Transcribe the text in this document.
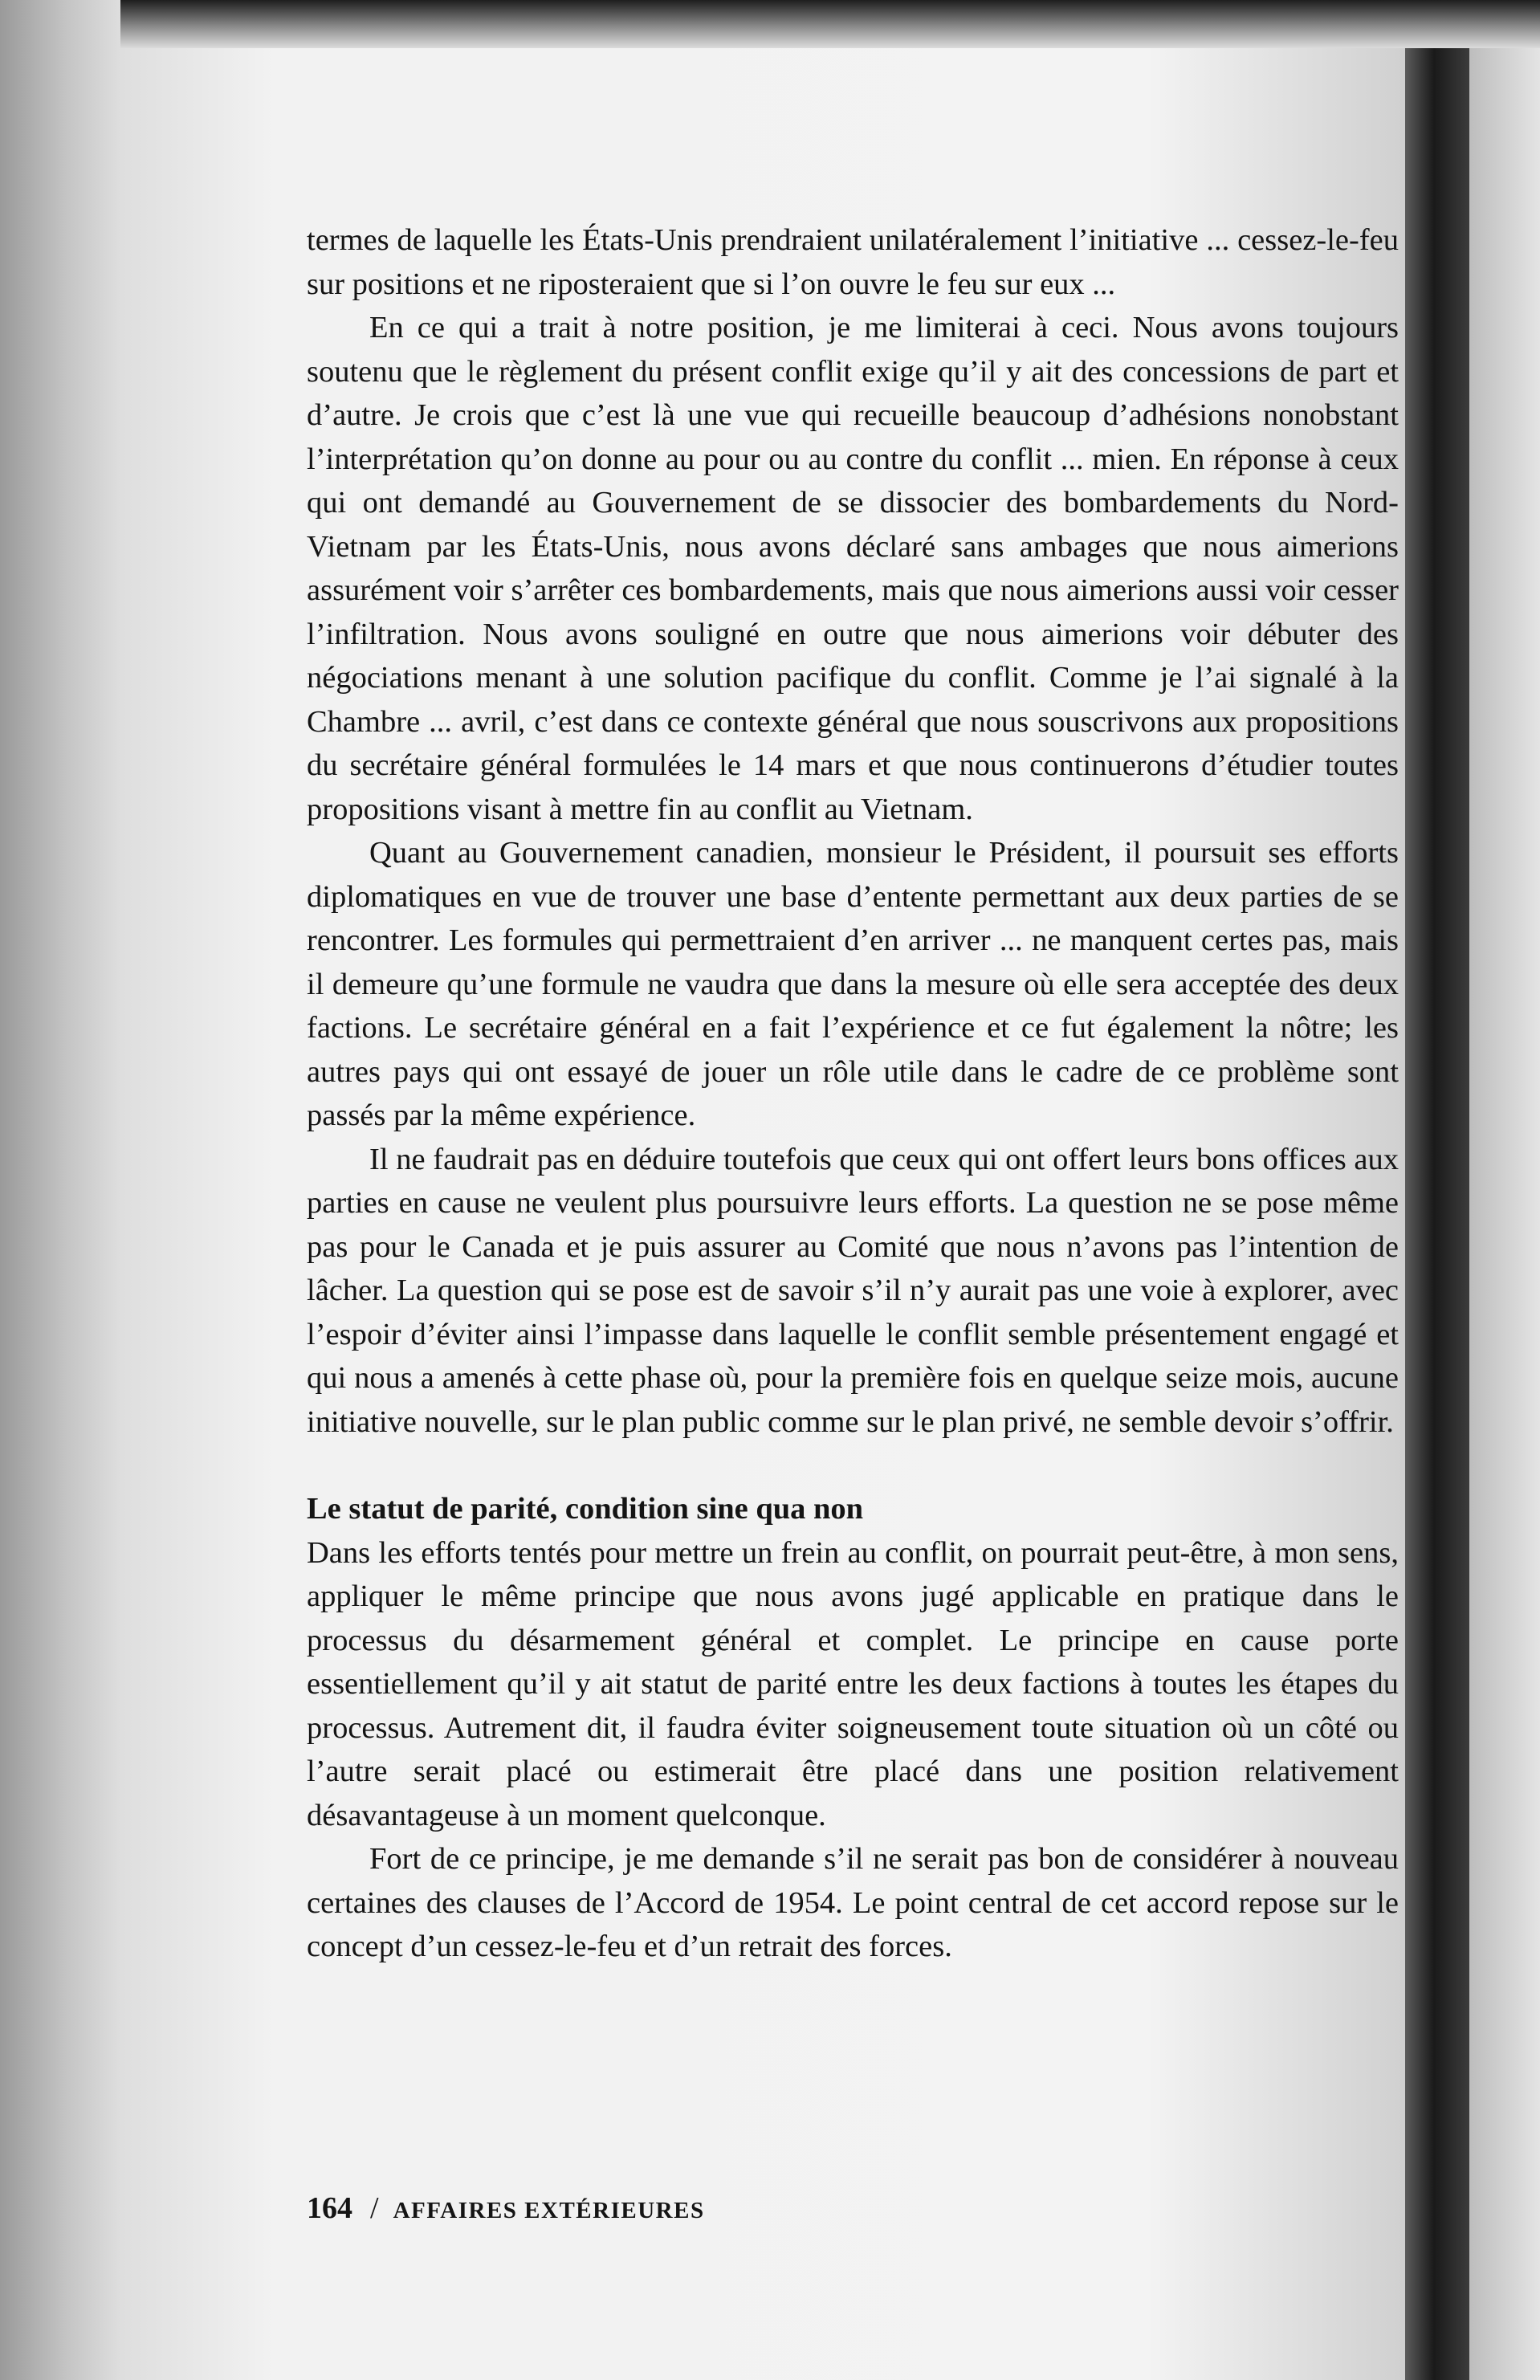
termes de laquelle les États-Unis prendraient unilatéralement l’initiative ... cessez-le-feu sur positions et ne riposteraient que si l’on ouvre le feu sur eux ...

En ce qui a trait à notre position, je me limiterai à ceci. Nous avons toujours soutenu que le règlement du présent conflit exige qu’il y ait des concessions de part et d’autre. Je crois que c’est là une vue qui recueille beaucoup d’adhésions nonobstant l’interprétation qu’on donne au pour ou au contre du conflit ... mien. En réponse à ceux qui ont demandé au Gouvernement de se dissocier des bombardements du Nord-Vietnam par les États-Unis, nous avons déclaré sans ambages que nous aimerions assurément voir s’arrêter ces bombardements, mais que nous aimerions aussi voir cesser l’infiltration. Nous avons souligné en outre que nous aimerions voir débuter des négociations menant à une solution pacifique du conflit. Comme je l’ai signalé à la Chambre ... avril, c’est dans ce contexte général que nous souscrivons aux propositions du secrétaire général formulées le 14 mars et que nous continuerons d’étudier toutes propositions visant à mettre fin au conflit au Vietnam.

Quant au Gouvernement canadien, monsieur le Président, il poursuit ses efforts diplomatiques en vue de trouver une base d’entente permettant aux deux parties de se rencontrer. Les formules qui permettraient d’en arriver ... ne manquent certes pas, mais il demeure qu’une formule ne vaudra que dans la mesure où elle sera acceptée des deux factions. Le secrétaire général en a fait l’expérience et ce fut également la nôtre; les autres pays qui ont essayé de jouer un rôle utile dans le cadre de ce problème sont passés par la même expérience.

Il ne faudrait pas en déduire toutefois que ceux qui ont offert leurs bons offices aux parties en cause ne veulent plus poursuivre leurs efforts. La question ne se pose même pas pour le Canada et je puis assurer au Comité que nous n’avons pas l’intention de lâcher. La question qui se pose est de savoir s’il n’y aurait pas une voie à explorer, avec l’espoir d’éviter ainsi l’impasse dans laquelle le conflit semble présentement engagé et qui nous a amenés à cette phase où, pour la première fois en quelque seize mois, aucune initiative nouvelle, sur le plan public comme sur le plan privé, ne semble devoir s’offrir.

Le statut de parité, condition sine qua non

Dans les efforts tentés pour mettre un frein au conflit, on pourrait peut-être, à mon sens, appliquer le même principe que nous avons jugé applicable en pratique dans le processus du désarmement général et complet. Le principe en cause porte essentiellement qu’il y ait statut de parité entre les deux factions à toutes les étapes du processus. Autrement dit, il faudra éviter soigneusement toute situation où un côté ou l’autre serait placé ou estimerait être placé dans une position relativement désavantageuse à un moment quelconque.

Fort de ce principe, je me demande s’il ne serait pas bon de considérer à nouveau certaines des clauses de l’Accord de 1954. Le point central de cet accord repose sur le concept d’un cessez-le-feu et d’un retrait des forces.

164 / AFFAIRES EXTÉRIEURES
